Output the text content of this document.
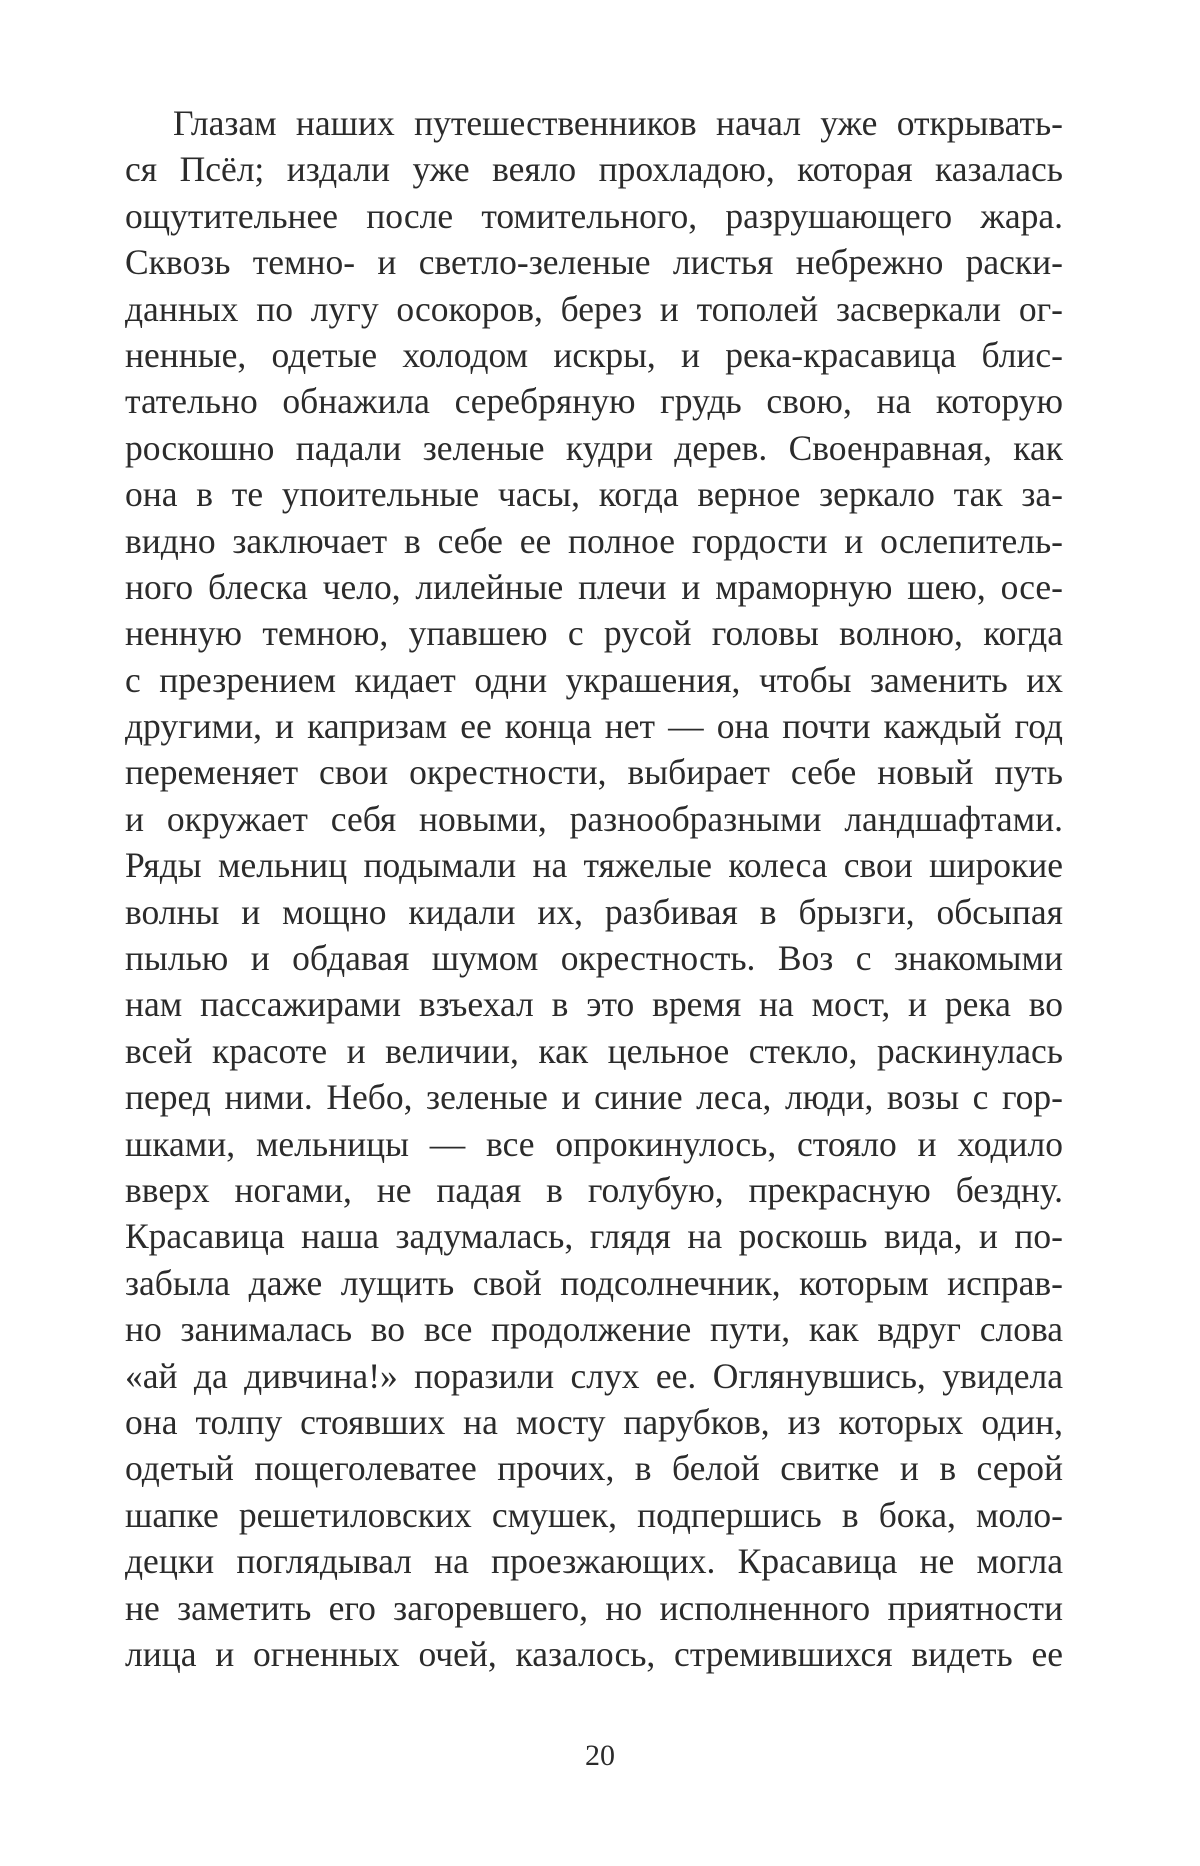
Глазам наших путешественников начал уже открывать-
ся Псёл; издали уже веяло прохладою, которая казалась
ощутительнее после томительного, разрушающего жара.
Сквозь темно- и светло-зеленые листья небрежно раски-
данных по лугу осокоров, берез и тополей засверкали ог-
ненные, одетые холодом искры, и река-красавица блис-
тательно обнажила серебряную грудь свою, на которую
роскошно падали зеленые кудри дерев. Своенравная, как
она в те упоительные часы, когда верное зеркало так за-
видно заключает в себе ее полное гордости и ослепитель-
ного блеска чело, лилейные плечи и мраморную шею, осе-
ненную темною, упавшею с русой головы волною, когда
с презрением кидает одни украшения, чтобы заменить их
другими, и капризам ее конца нет — она почти каждый год
переменяет свои окрестности, выбирает себе новый путь
и окружает себя новыми, разнообразными ландшафтами.
Ряды мельниц подымали на тяжелые колеса свои широкие
волны и мощно кидали их, разбивая в брызги, обсыпая
пылью и обдавая шумом окрестность. Воз с знакомыми
нам пассажирами взъехал в это время на мост, и река во
всей красоте и величии, как цельное стекло, раскинулась
перед ними. Небо, зеленые и синие леса, люди, возы с гор-
шками, мельницы — все опрокинулось, стояло и ходило
вверх ногами, не падая в голубую, прекрасную бездну.
Красавица наша задумалась, глядя на роскошь вида, и по-
забыла даже лущить свой подсолнечник, которым исправ-
но занималась во все продолжение пути, как вдруг слова
«ай да дивчина!» поразили слух ее. Оглянувшись, увидела
она толпу стоявших на мосту парубков, из которых один,
одетый пощеголеватее прочих, в белой свитке и в серой
шапке решетиловских смушек, подпершись в бока, моло-
децки поглядывал на проезжающих. Красавица не могла
не заметить его загоревшего, но исполненного приятности
лица и огненных очей, казалось, стремившихся видеть ее
20
